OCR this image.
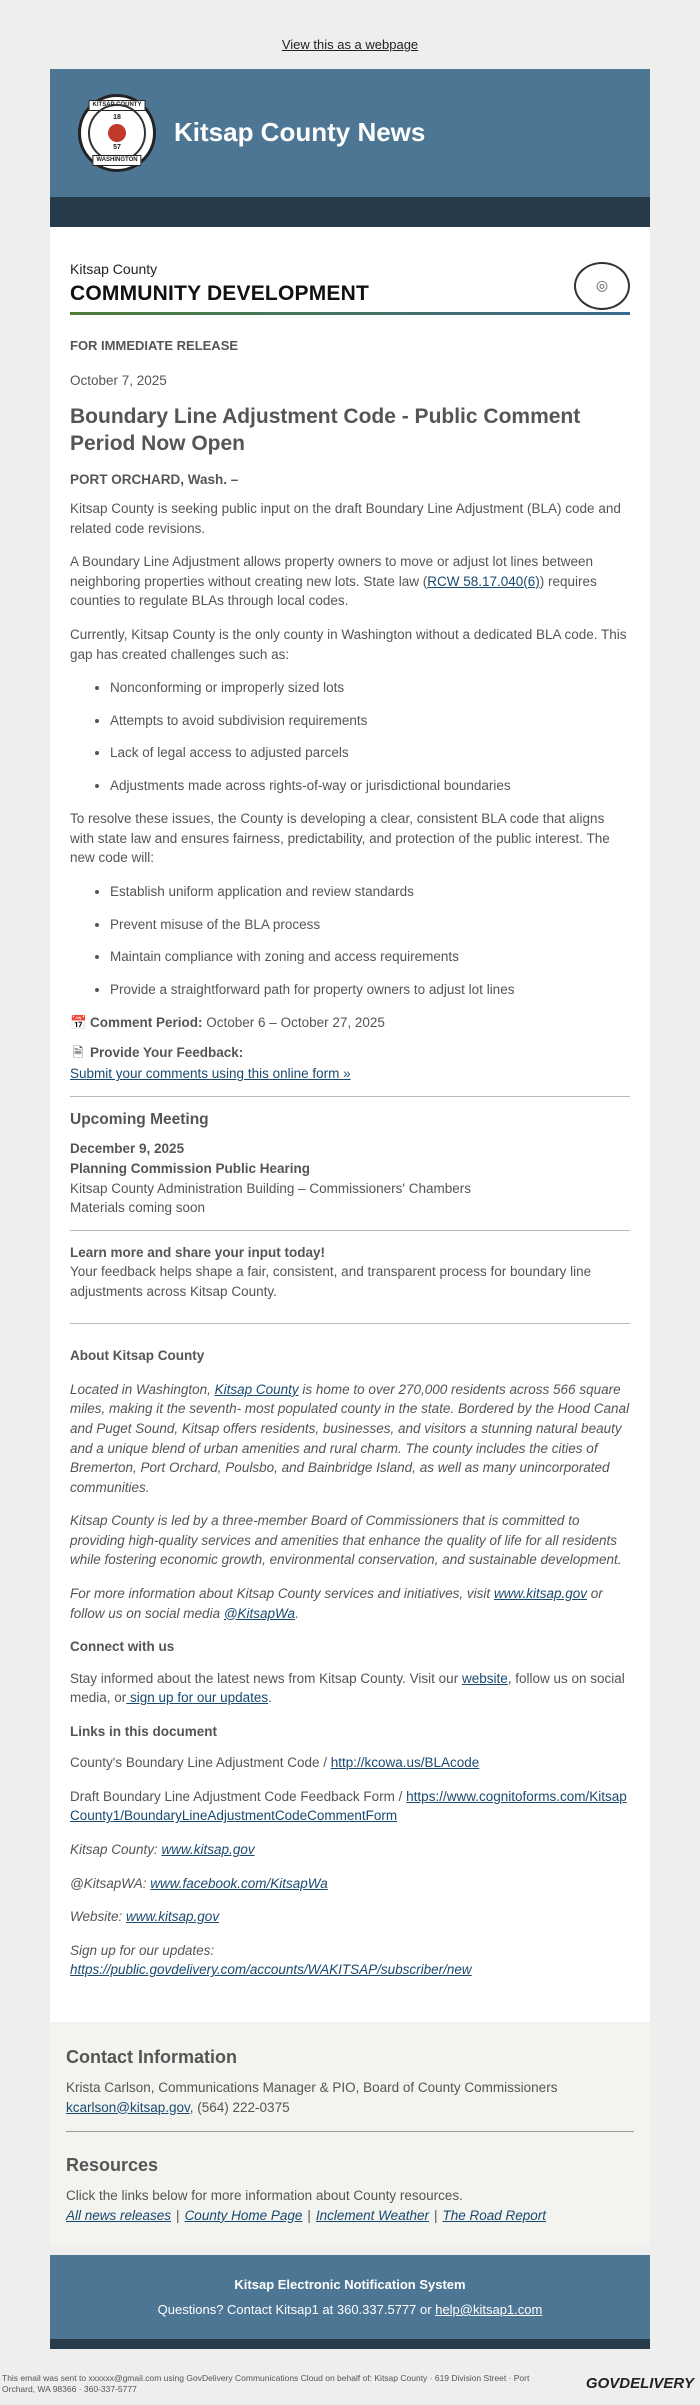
View this as a webpage
KITSAP COUNTY
18
57
WASHINGTON
Kitsap County News
Kitsap County
COMMUNITY DEVELOPMENT	◎
FOR IMMEDIATE RELEASE
October 7, 2025
Boundary Line Adjustment Code - Public Comment Period Now Open
PORT ORCHARD, Wash. –

Kitsap County is seeking public input on the draft Boundary Line Adjustment (BLA) code and related code revisions.

A Boundary Line Adjustment allows property owners to move or adjust lot lines between neighboring properties without creating new lots. State law (RCW 58.17.040(6)) requires counties to regulate BLAs through local codes.

Currently, Kitsap County is the only county in Washington without a dedicated BLA code. This gap has created challenges such as:

• Nonconforming or improperly sized lots
• Attempts to avoid subdivision requirements
• Lack of legal access to adjusted parcels
• Adjustments made across rights-of-way or jurisdictional boundaries

To resolve these issues, the County is developing a clear, consistent BLA code that aligns with state law and ensures fairness, predictability, and protection of the public interest. The new code will:

• Establish uniform application and review standards
• Prevent misuse of the BLA process
• Maintain compliance with zoning and access requirements
• Provide a straightforward path for property owners to adjust lot lines
📅 Comment Period: October 6 – October 27, 2025
🗎 Provide Your Feedback:
Submit your comments using this online form »
Upcoming Meeting
December 9, 2025
Planning Commission Public Hearing
Kitsap County Administration Building – Commissioners' Chambers
Materials coming soon
Learn more and share your input today!

Your feedback helps shape a fair, consistent, and transparent process for boundary line adjustments across Kitsap County.

About Kitsap County

Located in Washington, Kitsap County is home to over 270,000 residents across 566 square miles, making it the seventh- most populated county in the state. Bordered by the Hood Canal and Puget Sound, Kitsap offers residents, businesses, and visitors a stunning natural beauty and a unique blend of urban amenities and rural charm. The county includes the cities of Bremerton, Port Orchard, Poulsbo, and Bainbridge Island, as well as many unincorporated communities.

Kitsap County is led by a three-member Board of Commissioners that is committed to providing high-quality services and amenities that enhance the quality of life for all residents while fostering economic growth, environmental conservation, and sustainable development.

For more information about Kitsap County services and initiatives, visit www.kitsap.gov or follow us on social media @KitsapWa.

Connect with us

Stay informed about the latest news from Kitsap County. Visit our website, follow us on social media, or sign up for our updates.

Links in this document

County's Boundary Line Adjustment Code / http://kcowa.us/BLAcode

Draft Boundary Line Adjustment Code Feedback Form / https://www.cognitoforms.com/KitsapCounty1/BoundaryLineAdjustmentCodeCommentForm

Kitsap County: www.kitsap.gov

@KitsapWA: www.facebook.com/KitsapWa

Website: www.kitsap.gov

Sign up for our updates:
https://public.govdelivery.com/accounts/WAKITSAP/subscriber/new

Contact Information
Krista Carlson, Communications Manager & PIO, Board of County Commissioners
kcarlson@kitsap.gov, (564) 222-0375
Resources
Click the links below for more information about County resources.
All news releases | County Home Page | Inclement Weather | The Road Report
Kitsap Electronic Notification System
Questions? Contact Kitsap1 at 360.337.5777 or help@kitsap1.com
This email was sent to xxxxxx@gmail.com using GovDelivery Communications Cloud on behalf of: Kitsap County · 619 Division Street · Port Orchard, WA 98366 · 360-337-5777	GOVDELIVERY
